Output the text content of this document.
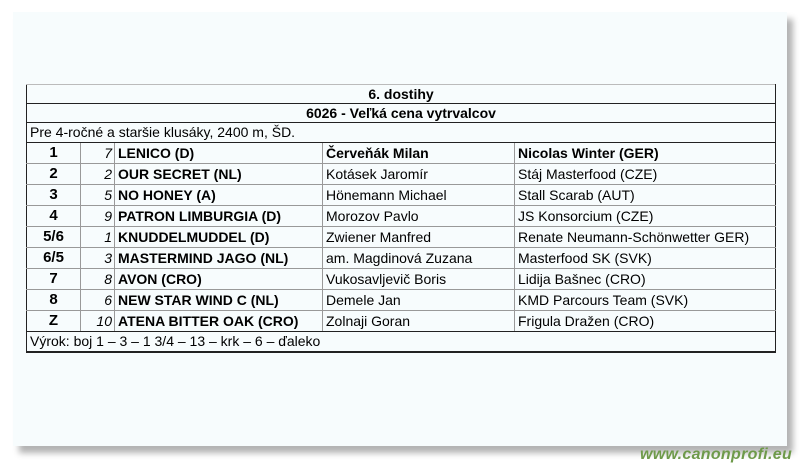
6. dostihy				
6026 - Veľká cena vytrvalcov				
Pre 4-ročné a staršie klusáky, 2400 m, ŠD.				
1	7	LENICO (D)	Červeňák Milan	Nicolas Winter (GER)
2	2	OUR SECRET (NL)	Kotásek Jaromír	Stáj Masterfood (CZE)
3	5	NO HONEY (A)	Hönemann Michael	Stall Scarab (AUT)
4	9	PATRON LIMBURGIA (D)	Morozov Pavlo	JS Konsorcium (CZE)
5/6	1	KNUDDELMUDDEL (D)	Zwiener Manfred	Renate Neumann-Schönwetter GER)
6/5	3	MASTERMIND JAGO (NL)	am. Magdinová Zuzana	Masterfood SK (SVK)
7	8	AVON (CRO)	Vukosavljevič Boris	Lidija Bašnec (CRO)
8	6	NEW STAR WIND C (NL)	Demele Jan	KMD Parcours Team (SVK)
Z	10	ATENA BITTER OAK (CRO)	Zolnaji Goran	Frigula Dražen (CRO)
Výrok: boj 1 – 3 – 1 3/4 – 13 – krk – 6 – ďaleko				
www.canonprofi.eu
